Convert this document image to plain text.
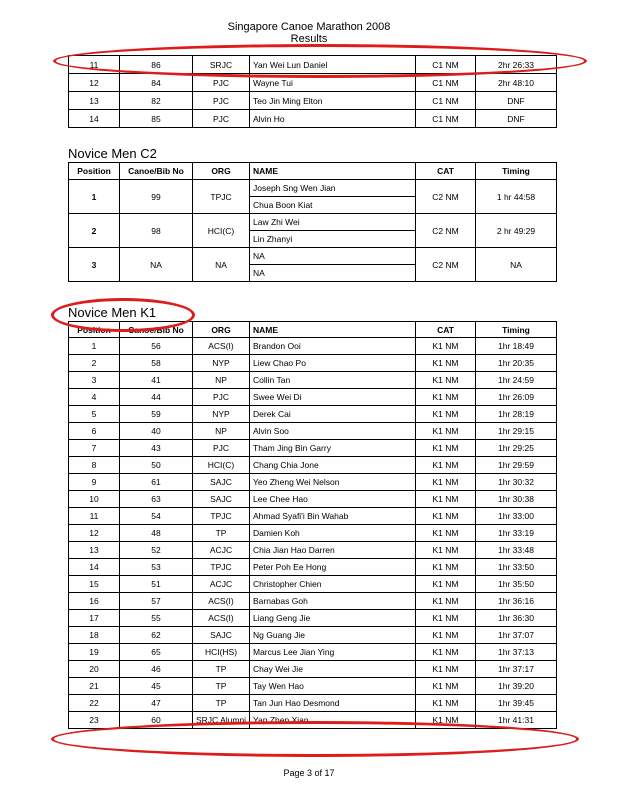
Singapore Canoe Marathon 2008
Results
11	86	SRJC	Yan Wei Lun Daniel	C1 NM	2hr 26:33
12	84	PJC	Wayne Tui	C1 NM	2hr 48:10
13	82	PJC	Teo Jin Ming Elton	C1 NM	DNF
14	85	PJC	Alvin Ho	C1 NM	DNF
Novice Men C2
Position	Canoe/Bib No	ORG	NAME	CAT	Timing
1	99	TPJC	Joseph Sng Wen Jian	C2 NM	1 hr 44:58
			Chua Boon Kiat		
2	98	HCI(C)	Law Zhi Wei	C2 NM	2 hr 49:29
			Lin Zhanyi		
3	NA	NA	NA	C2 NM	NA
			NA		
Novice Men K1
Position	Canoe/Bib No	ORG	NAME	CAT	Timing
1	56	ACS(I)	Brandon Ooi	K1 NM	1hr 18:49
2	58	NYP	Liew Chao Po	K1 NM	1hr 20:35
3	41	NP	Collin Tan	K1 NM	1hr 24:59
4	44	PJC	Swee Wei Di	K1 NM	1hr 26:09
5	59	NYP	Derek Cai	K1 NM	1hr 28:19
6	40	NP	Alvin Soo	K1 NM	1hr 29:15
7	43	PJC	Tham Jing Bin Garry	K1 NM	1hr 29:25
8	50	HCI(C)	Chang Chia Jone	K1 NM	1hr 29:59
9	61	SAJC	Yeo Zheng Wei Nelson	K1 NM	1hr 30:32
10	63	SAJC	Lee Chee Hao	K1 NM	1hr 30:38
11	54	TPJC	Ahmad Syafi'i Bin Wahab	K1 NM	1hr 33:00
12	48	TP	Damien Koh	K1 NM	1hr 33:19
13	52	ACJC	Chia Jian Hao Darren	K1 NM	1hr 33:48
14	53	TPJC	Peter Poh Ee Hong	K1 NM	1hr 33:50
15	51	ACJC	Christopher Chien	K1 NM	1hr 35:50
16	57	ACS(I)	Barnabas Goh	K1 NM	1hr 36:16
17	55	ACS(I)	Liang Geng Jie	K1 NM	1hr 36:30
18	62	SAJC	Ng Guang Jie	K1 NM	1hr 37:07
19	65	HCI(HS)	Marcus Lee Jian Ying	K1 NM	1hr 37:13
20	46	TP	Chay Wei Jie	K1 NM	1hr 37:17
21	45	TP	Tay Wen Hao	K1 NM	1hr 39:20
22	47	TP	Tan Jun Hao Desmond	K1 NM	1hr 39:45
23	60	SRJC Alumni	Yap Zhen Xian	K1 NM	1hr 41:31
Page 3 of 17
